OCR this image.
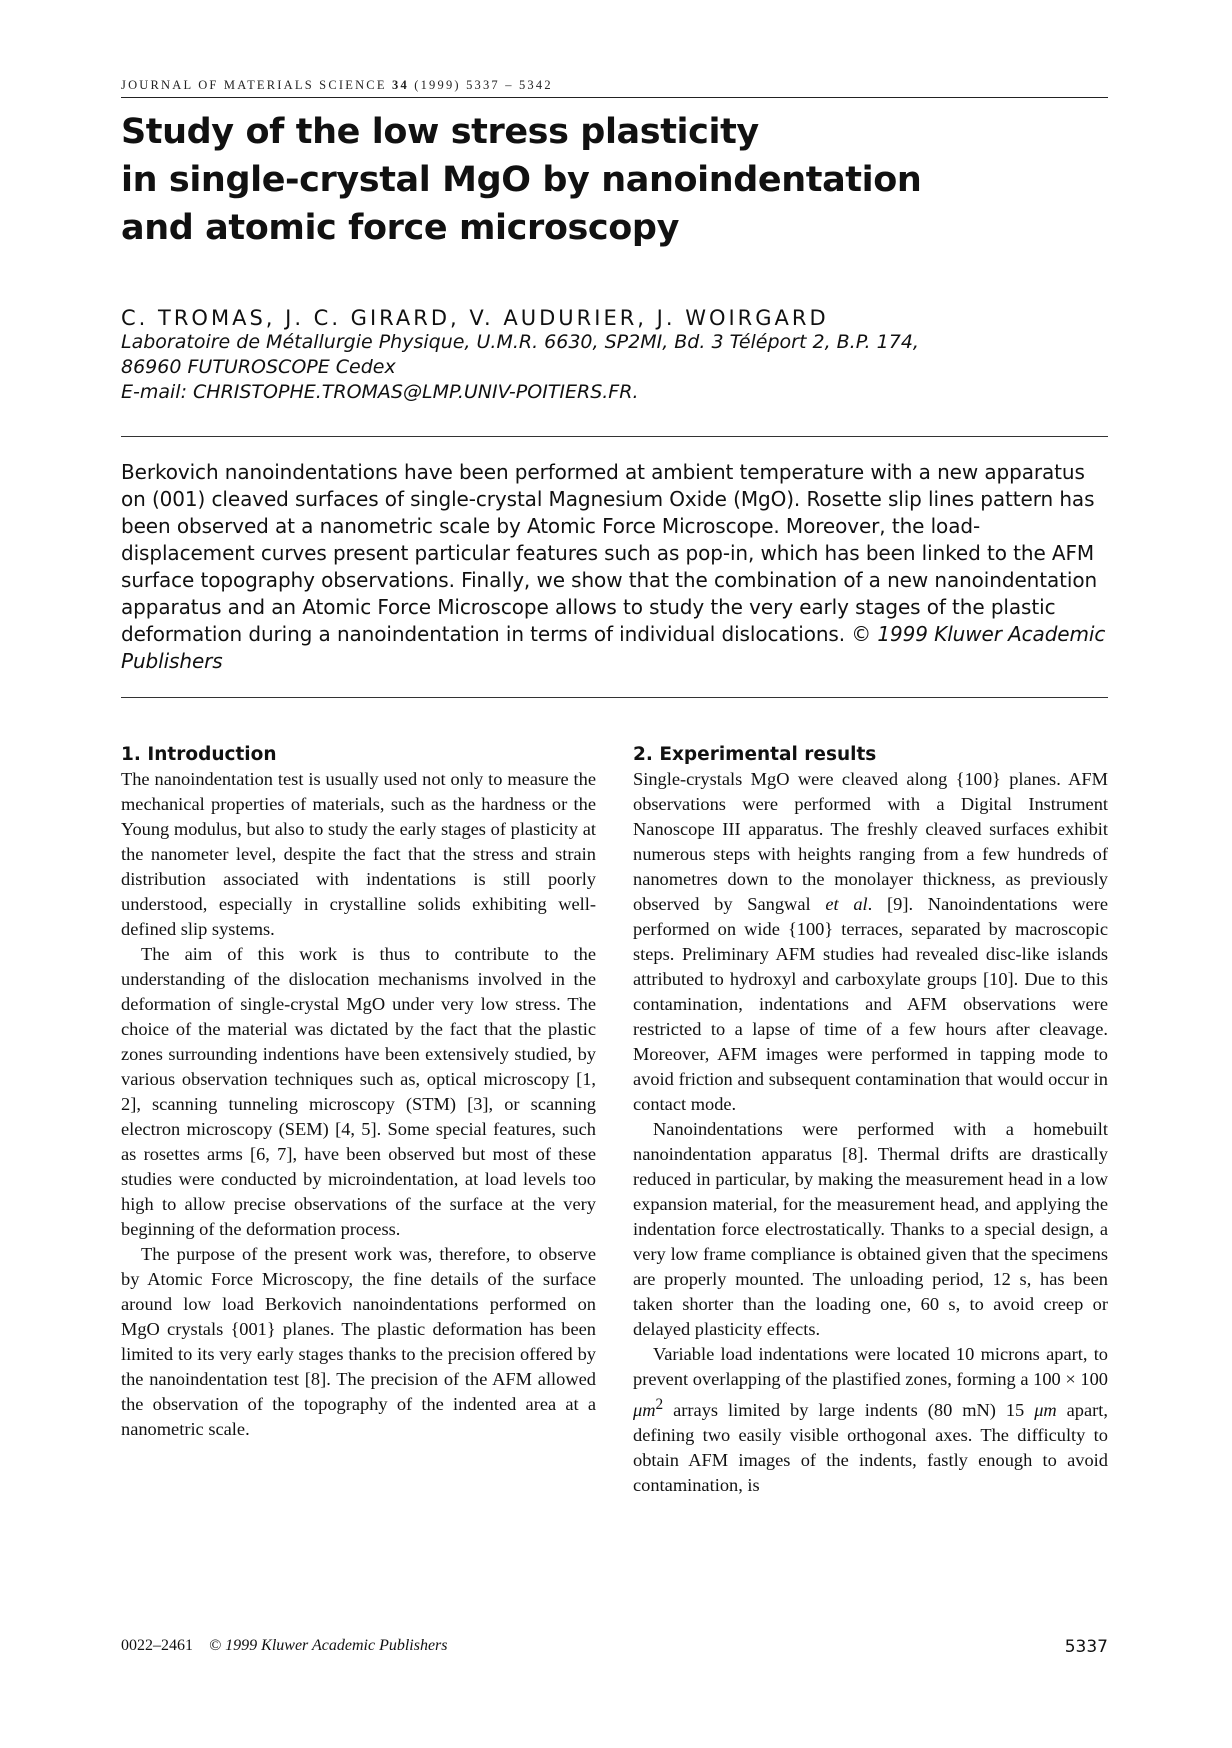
JOURNAL OF MATERIALS SCIENCE 34 (1999) 5337 – 5342
Study of the low stress plasticity
in single-crystal MgO by nanoindentation
and atomic force microscopy
C. TROMAS, J. C. GIRARD, V. AUDURIER, J. WOIRGARD
Laboratoire de Métallurgie Physique, U.M.R. 6630, SP2MI, Bd. 3 Téléport 2, B.P. 174,
86960 FUTUROSCOPE Cedex
E-mail: CHRISTOPHE.TROMAS@LMP.UNIV-POITIERS.FR.
Berkovich nanoindentations have been performed at ambient temperature with a new apparatus on (001) cleaved surfaces of single-crystal Magnesium Oxide (MgO). Rosette slip lines pattern has been observed at a nanometric scale by Atomic Force Microscope. Moreover, the load-displacement curves present particular features such as pop-in, which has been linked to the AFM surface topography observations. Finally, we show that the combination of a new nanoindentation apparatus and an Atomic Force Microscope allows to study the very early stages of the plastic deformation during a nanoindentation in terms of individual dislocations. © 1999 Kluwer Academic Publishers
1. Introduction

The nanoindentation test is usually used not only to measure the mechanical properties of materials, such as the hardness or the Young modulus, but also to study the early stages of plasticity at the nanometer level, despite the fact that the stress and strain distribution associated with indentations is still poorly understood, especially in crystalline solids exhibiting well-defined slip systems.

The aim of this work is thus to contribute to the understanding of the dislocation mechanisms involved in the deformation of single-crystal MgO under very low stress. The choice of the material was dictated by the fact that the plastic zones surrounding indentions have been extensively studied, by various observation techniques such as, optical microscopy [1, 2], scanning tunneling microscopy (STM) [3], or scanning electron microscopy (SEM) [4, 5]. Some special features, such as rosettes arms [6, 7], have been observed but most of these studies were conducted by microindentation, at load levels too high to allow precise observations of the surface at the very beginning of the deformation process.

The purpose of the present work was, therefore, to observe by Atomic Force Microscopy, the fine details of the surface around low load Berkovich nanoindentations performed on MgO crystals {001} planes. The plastic deformation has been limited to its very early stages thanks to the precision offered by the nanoindentation test [8]. The precision of the AFM allowed the observation of the topography of the indented area at a nanometric scale.

2. Experimental results

Single-crystals MgO were cleaved along {100} planes. AFM observations were performed with a Digital Instrument Nanoscope III apparatus. The freshly cleaved surfaces exhibit numerous steps with heights ranging from a few hundreds of nanometres down to the monolayer thickness, as previously observed by Sangwal et al. [9]. Nanoindentations were performed on wide {100} terraces, separated by macroscopic steps. Preliminary AFM studies had revealed disc-like islands attributed to hydroxyl and carboxylate groups [10]. Due to this contamination, indentations and AFM observations were restricted to a lapse of time of a few hours after cleavage. Moreover, AFM images were performed in tapping mode to avoid friction and subsequent contamination that would occur in contact mode.

Nanoindentations were performed with a homebuilt nanoindentation apparatus [8]. Thermal drifts are drastically reduced in particular, by making the measurement head in a low expansion material, for the measurement head, and applying the indentation force electrostatically. Thanks to a special design, a very low frame compliance is obtained given that the specimens are properly mounted. The unloading period, 12 s, has been taken shorter than the loading one, 60 s, to avoid creep or delayed plasticity effects.

Variable load indentations were located 10 microns apart, to prevent overlapping of the plastified zones, forming a 100 × 100 $\mu m^2$ arrays limited by large indents (80 mN) 15 μm apart, defining two easily visible orthogonal axes. The difficulty to obtain AFM images of the indents, fastly enough to avoid contamination, is

0022–2461 © 1999 Kluwer Academic Publishers	5337
